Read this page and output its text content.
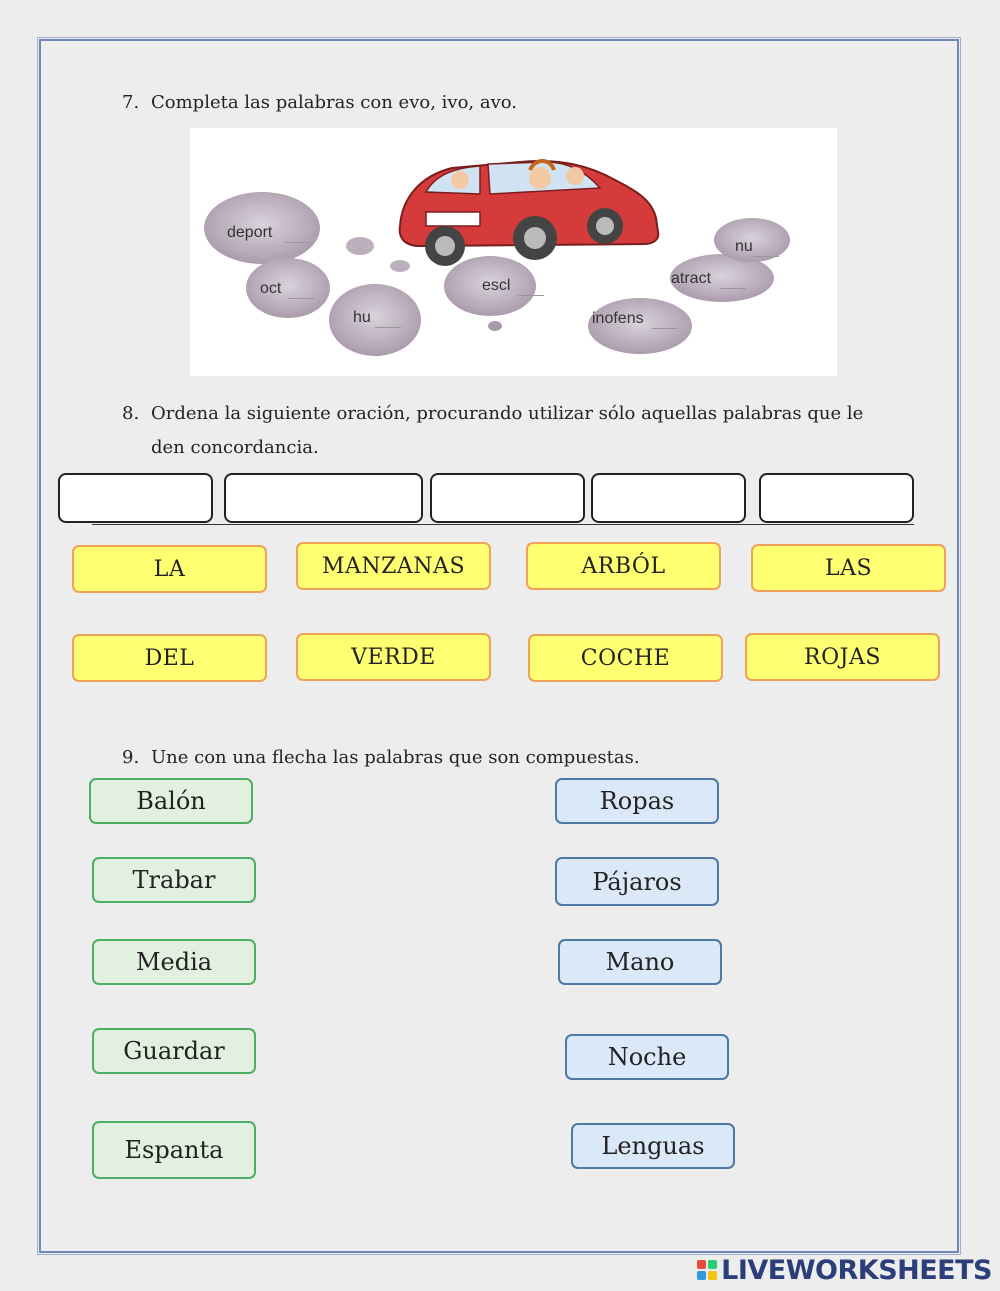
7. Completa las palabras con evo, ivo, avo.
deport
oct
hu
escl
inofens
atract
nu
8. Ordena la siguiente oración, procurando utilizar sólo aquellas palabras que le
den concordancia.
LA	MANZANAS	ARBÓL	LAS
DEL	VERDE	COCHE	ROJAS
9. Une con una flecha las palabras que son compuestas.
Balón
Trabar
Media
Guardar
Espanta
Ropas
Pájaros
Mano
Noche
Lenguas
LIVEWORKSHEETS
